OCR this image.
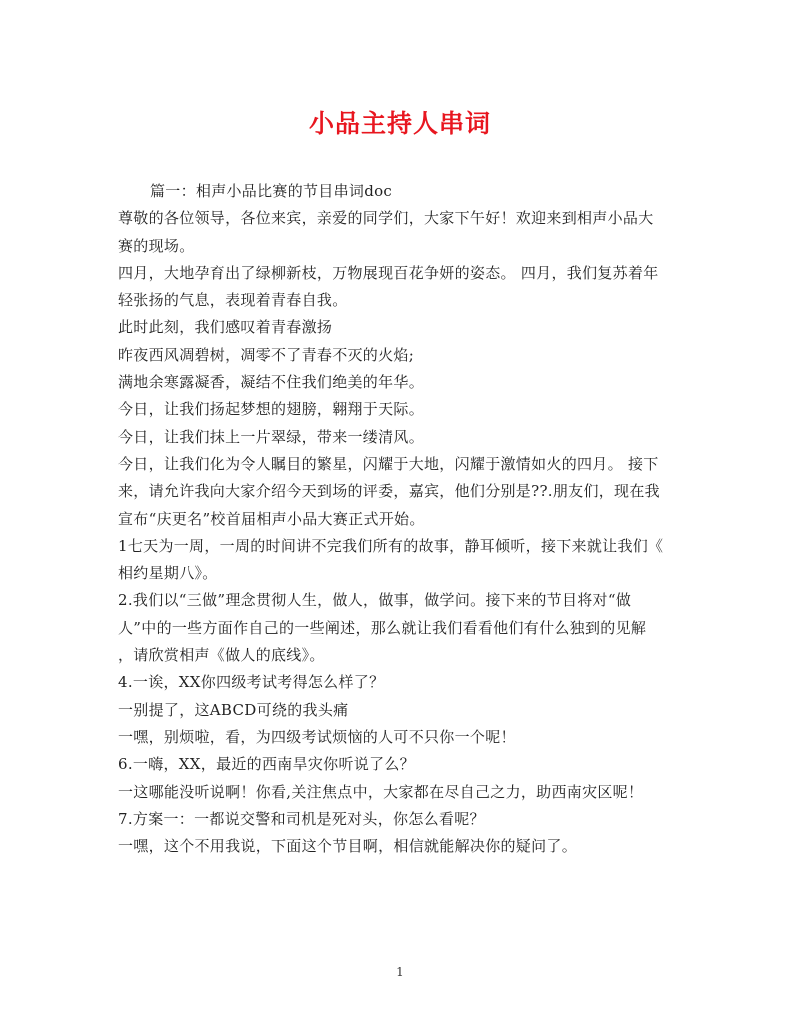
小品主持人串词
篇一：相声小品比赛的节目串词doc
尊敬的各位领导，各位来宾，亲爱的同学们，大家下午好！欢迎来到相声小品大
赛的现场。
四月，大地孕育出了绿柳新枝，万物展现百花争妍的姿态。 四月，我们复苏着年
轻张扬的气息，表现着青春自我。
此时此刻，我们感叹着青春激扬
昨夜西风凋碧树，凋零不了青春不灭的火焰;
满地余寒露凝香，凝结不住我们绝美的年华。
今日，让我们扬起梦想的翅膀，翱翔于天际。
今日，让我们抹上一片翠绿，带来一缕清风。
今日，让我们化为令人瞩目的繁星，闪耀于大地，闪耀于激情如火的四月。 接下
来，请允许我向大家介绍今天到场的评委，嘉宾，他们分别是??.朋友们，现在我
宣布“庆更名”校首届相声小品大赛正式开始。
1七天为一周，一周的时间讲不完我们所有的故事，静耳倾听，接下来就让我们《
相约星期八》。
2.我们以“三做”理念贯彻人生，做人，做事，做学问。接下来的节目将对“做
人”中的一些方面作自己的一些阐述，那么就让我们看看他们有什么独到的见解
，请欣赏相声《做人的底线》。
4.一诶，XX你四级考试考得怎么样了？
一别提了，这ABCD可绕的我头痛
一嘿，别烦啦，看，为四级考试烦恼的人可不只你一个呢！
6.一嗨，XX，最近的西南旱灾你听说了么？
一这哪能没听说啊！你看,关注焦点中，大家都在尽自己之力，助西南灾区呢！
7.方案一：一都说交警和司机是死对头，你怎么看呢？
一嘿，这个不用我说，下面这个节目啊，相信就能解决你的疑问了。
1
